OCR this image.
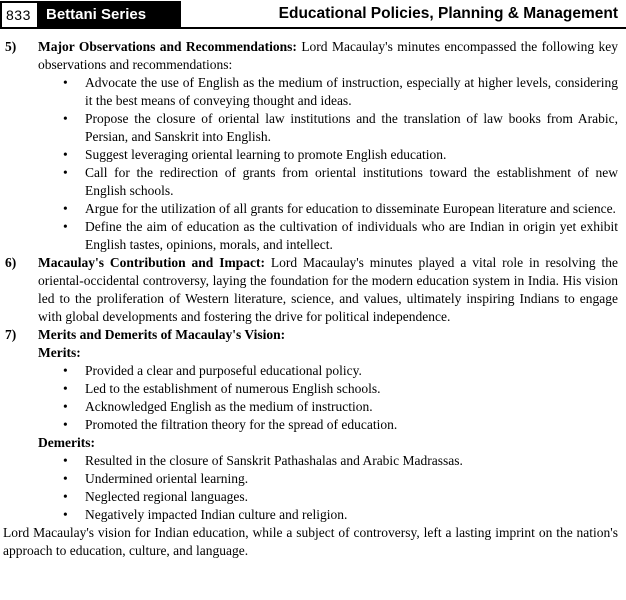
833	Bettani Series	Educational Policies, Planning & Management
5)	Major Observations and Recommendations: Lord Macaulay's minutes encompassed the following key observations and recommendations:

• Advocate the use of English as the medium of instruction, especially at higher levels, considering it the best means of conveying thought and ideas.
• Propose the closure of oriental law institutions and the translation of law books from Arabic, Persian, and Sanskrit into English.
• Suggest leveraging oriental learning to promote English education.
• Call for the redirection of grants from oriental institutions toward the establishment of new English schools.
• Argue for the utilization of all grants for education to disseminate European literature and science.
• Define the aim of education as the cultivation of individuals who are Indian in origin yet exhibit English tastes, opinions, morals, and intellect.
6)	Macaulay's Contribution and Impact: Lord Macaulay's minutes played a vital role in resolving the oriental-occidental controversy, laying the foundation for the modern education system in India. His vision led to the proliferation of Western literature, science, and values, ultimately inspiring Indians to engage with global developments and fostering the drive for political independence.

7)	Merits and Demerits of Macaulay's Vision:

Merits:

• Provided a clear and purposeful educational policy.
• Led to the establishment of numerous English schools.
• Acknowledged English as the medium of instruction.
• Promoted the filtration theory for the spread of education.

Demerits:

• Resulted in the closure of Sanskrit Pathashalas and Arabic Madrassas.
• Undermined oriental learning.
• Neglected regional languages.
• Negatively impacted Indian culture and religion.

Lord Macaulay's vision for Indian education, while a subject of controversy, left a lasting imprint on the nation's approach to education, culture, and language.
